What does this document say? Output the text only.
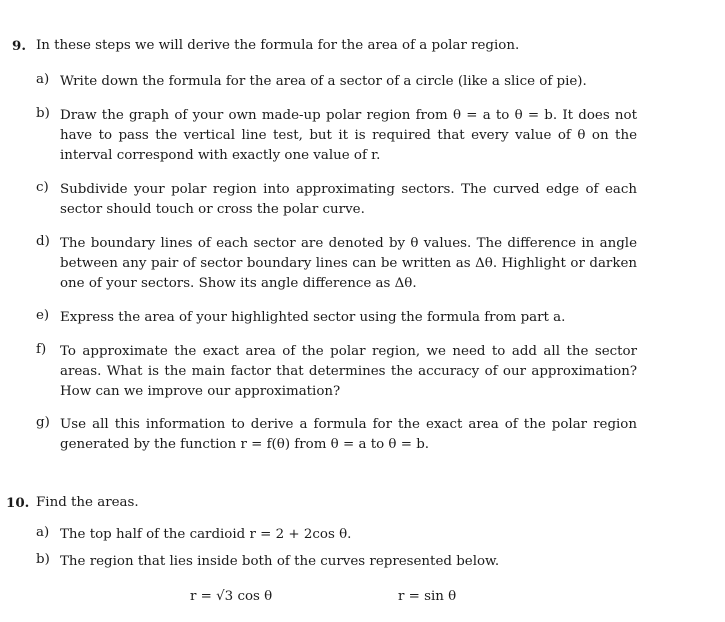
9. In these steps we will derive the formula for the area of a polar region.
a) Write down the formula for the area of a sector of a circle (like a slice of pie).
b) Draw the graph of your own made-up polar region from θ = a to θ = b. It does not have to pass the vertical line test, but it is required that every value of θ on the interval correspond with exactly one value of r.
c) Subdivide your polar region into approximating sectors. The curved edge of each sector should touch or cross the polar curve.
d) The boundary lines of each sector are denoted by θ values. The difference in angle between any pair of sector boundary lines can be written as Δθ. Highlight or darken one of your sectors. Show its angle difference as Δθ.
e) Express the area of your highlighted sector using the formula from part a.
f) To approximate the exact area of the polar region, we need to add all the sector areas. What is the main factor that determines the accuracy of our approximation? How can we improve our approximation?
g) Use all this information to derive a formula for the exact area of the polar region generated by the function r = f(θ) from θ = a to θ = b.
10. Find the areas.
a) The top half of the cardioid r = 2 + 2cos θ.
b) The region that lies inside both of the curves represented below.
r = √3 cos θ	r = sin θ
